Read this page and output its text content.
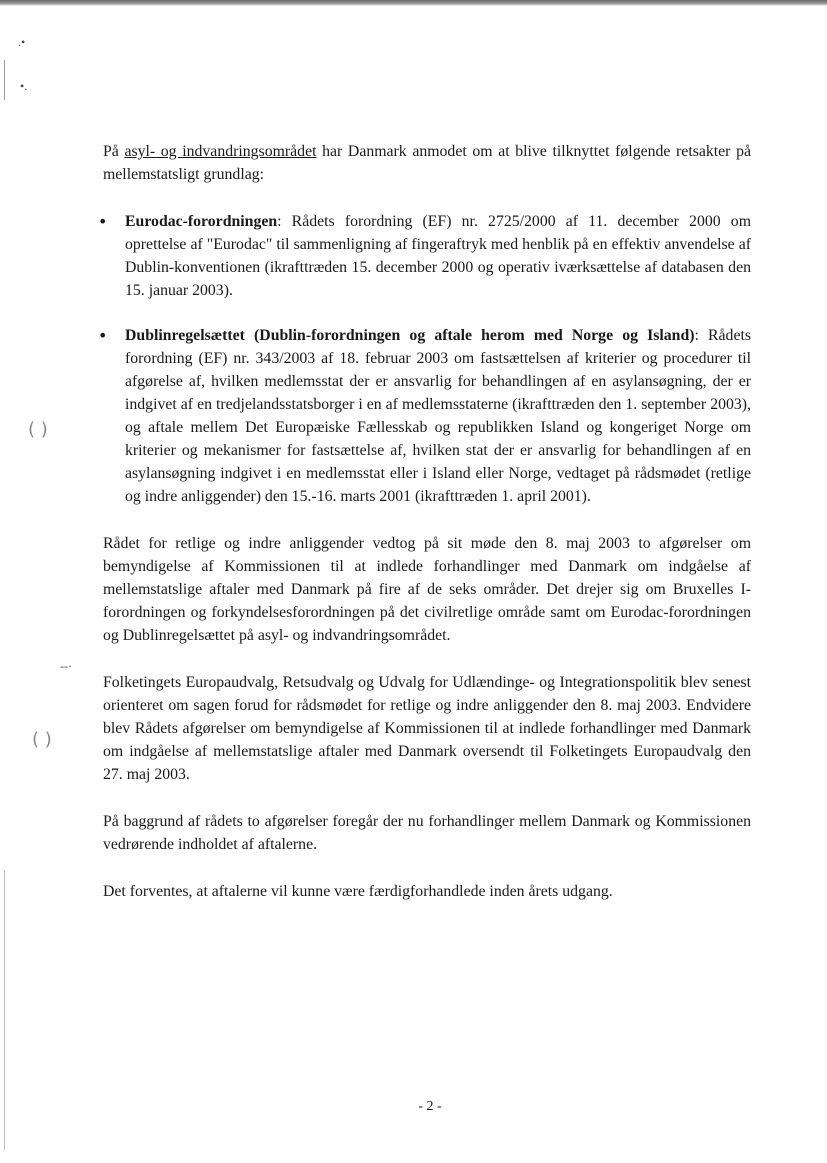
.•
•.
( )
--·
( )

På asyl- og indvandringsområdet har Danmark anmodet om at blive tilknyttet følgende retsakter på mellemstatsligt grundlag:

• Eurodac-forordningen: Rådets forordning (EF) nr. 2725/2000 af 11. december 2000 om oprettelse af "Eurodac" til sammenligning af fingeraftryk med henblik på en effektiv anvendelse af Dublin-konventionen (ikrafttræden 15. december 2000 og operativ iværksættelse af databasen den 15. januar 2003).
• Dublinregelsættet (Dublin-forordningen og aftale herom med Norge og Island): Rådets forordning (EF) nr. 343/2003 af 18. februar 2003 om fastsættelsen af kriterier og procedurer til afgørelse af, hvilken medlemsstat der er ansvarlig for behandlingen af en asylansøgning, der er indgivet af en tredjelandsstatsborger i en af medlemsstaterne (ikrafttræden den 1. september 2003), og aftale mellem Det Europæiske Fællesskab og republikken Island og kongeriget Norge om kriterier og mekanismer for fastsættelse af, hvilken stat der er ansvarlig for behandlingen af en asylansøgning indgivet i en medlemsstat eller i Island eller Norge, vedtaget på rådsmødet (retlige og indre anliggender) den 15.-16. marts 2001 (ikrafttræden 1. april 2001).

Rådet for retlige og indre anliggender vedtog på sit møde den 8. maj 2003 to afgørelser om bemyndigelse af Kommissionen til at indlede forhandlinger med Danmark om indgåelse af mellemstatslige aftaler med Danmark på fire af de seks områder. Det drejer sig om Bruxelles I-forordningen og forkyndelsesforordningen på det civilretlige område samt om Eurodac-forordningen og Dublinregelsættet på asyl- og indvandringsområdet.

Folketingets Europaudvalg, Retsudvalg og Udvalg for Udlændinge- og Integrationspolitik blev senest orienteret om sagen forud for rådsmødet for retlige og indre anliggender den 8. maj 2003. Endvidere blev Rådets afgørelser om bemyndigelse af Kommissionen til at indlede forhandlinger med Danmark om indgåelse af mellemstatslige aftaler med Danmark oversendt til Folketingets Europaudvalg den 27. maj 2003.

På baggrund af rådets to afgørelser foregår der nu forhandlinger mellem Danmark og Kommissionen vedrørende indholdet af aftalerne.

Det forventes, at aftalerne vil kunne være færdigforhandlede inden årets udgang.

- 2 -
